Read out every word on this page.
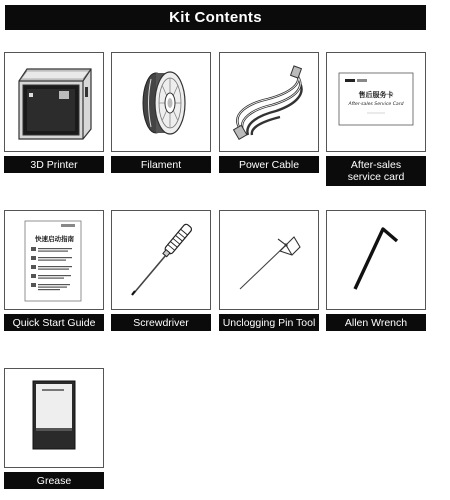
Kit Contents
3D Printer	Filament	Power Cable
售后服务卡
After-sales Service Card
After-sales
service card
快速启动指南
Quick Start Guide	Screwdriver	Unclogging Pin Tool	Allen Wrench
Grease
